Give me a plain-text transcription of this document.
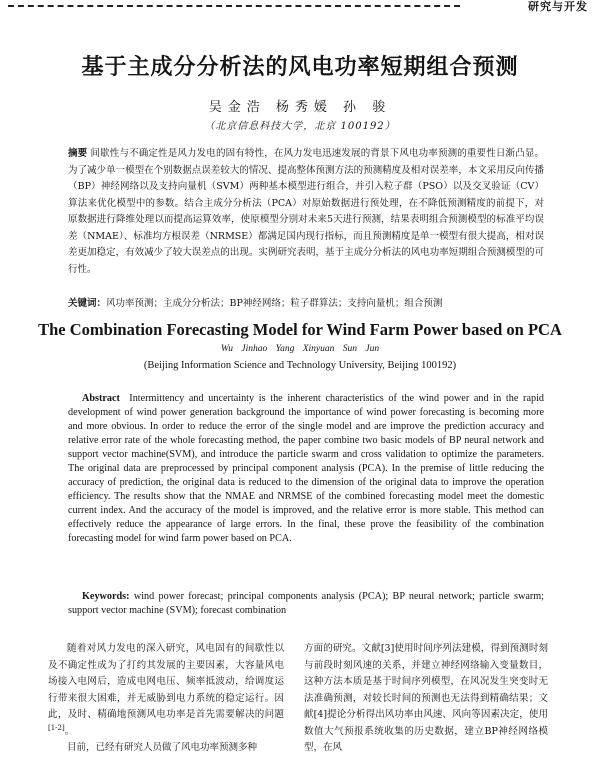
研究与开发
基于主成分分析法的风电功率短期组合预测
吴金浩 杨秀媛 孙 骏
（北京信息科技大学，北京 100192）
摘要 间歇性与不确定性是风力发电的固有特性，在风力发电迅速发展的背景下风电功率预测的重要性日渐凸显。为了减少单一模型在个别数据点误差较大的情况、提高整体预测方法的预测精度及相对误差率，本文采用反向传播（BP）神经网络以及支持向量机（SVM）两种基本模型进行组合，并引入粒子群（PSO）以及交叉验证（CV）算法来优化模型中的参数。结合主成分分析法（PCA）对原始数据进行预处理，在不降低预测精度的前提下，对原数据进行降维处理以而提高运算效率，使原模型分别对未来5天进行预测，结果表明组合预测模型的标准平均误差（NMAE）、标准均方根误差（NRMSE）都满足国内现行指标，而且预测精度是单一模型有很大提高，相对误差更加稳定，有效减少了较大误差点的出现。实例研究表明，基于主成分分析法的风电功率短期组合预测模型的可行性。
关键词：风功率预测；主成分分析法；BP神经网络；粒子群算法；支持向量机；组合预测
The Combination Forecasting Model for Wind Farm Power based on PCA
Wu Jinhao Yang Xinyuan Sun Jun
(Beijing Information Science and Technology University, Beijing 100192)
Abstract Intermittency and uncertainty is the inherent characteristics of the wind power and in the rapid development of wind power generation background the importance of wind power forecasting is becoming more and more obvious. In order to reduce the error of the single model and are improve the prediction accuracy and relative error rate of the whole forecasting method, the paper combine two basic models of BP neural network and support vector machine(SVM), and introduce the particle swarm and cross validation to optimize the parameters. The original data are preprocessed by principal component analysis (PCA). In the premise of little reducing the accuracy of prediction, the original data is reduced to the dimension of the original data to improve the operation efficiency. The results show that the NMAE and NRMSE of the combined forecasting model meet the domestic current index. And the accuracy of the model is improved, and the relative error is more stable. This method can effectively reduce the appearance of large errors. In the final, these prove the feasibility of the combination forecasting model for wind farm power based on PCA.
Keywords: wind power forecast; principal components analysis (PCA); BP neural network; particle swarm; support vector machine (SVM); forecast combination

随着对风力发电的深入研究，风电固有的间歇性以及不确定性成为了打约其发展的主要因素，大容量风电场接入电网后，造成电网电压、频率抵波动，给调度运行带来很大困难，并无威胁到电力系统的稳定运行。因此，及时、精确地预测风电功率是首先需要解决的问题[1-2]。

目前，已经有研究人员做了风电功率预测多种

方面的研究。文献[3]使用时间序列法建模，得到预测时刻与前段时刻风速的关系，并建立神经网络输入变量数目，这种方法本质是基于时间序列模型，在风况发生突变时无法准确预测，对较长时间的预测也无法得到精确结果；文献[4]提论分析得出风功率由风速、风向等因素决定，使用数值大气预报系统收集的历史数据，建立BP神经网络模型，在风
